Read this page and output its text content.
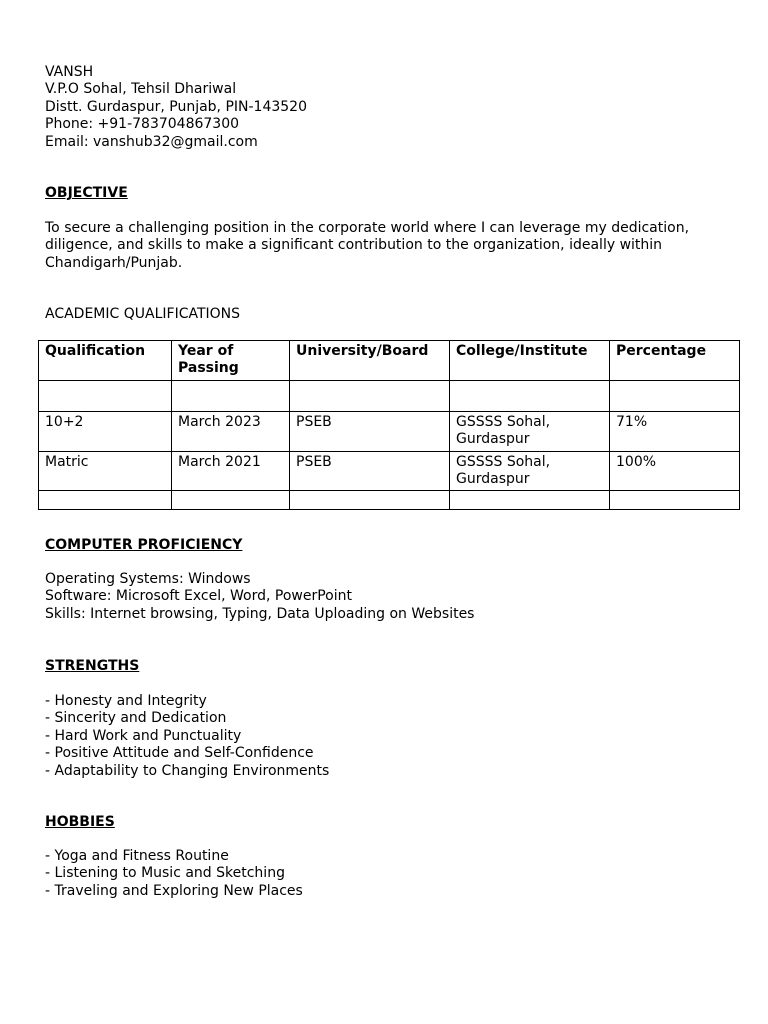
VANSH
V.P.O Sohal, Tehsil Dhariwal
Distt. Gurdaspur, Punjab, PIN-143520
Phone: +91-783704867300
Email: vanshub32@gmail.com
OBJECTIVE
To secure a challenging position in the corporate world where I can leverage my dedication, diligence, and skills to make a significant contribution to the organization, ideally within Chandigarh/Punjab.
ACADEMIC QUALIFICATIONS
Qualification	Year of Passing	University/Board	College/Institute	Percentage

10+2	March 2023	PSEB	GSSSS Sohal, Gurdaspur	71%
Matric	March 2021	PSEB	GSSSS Sohal, Gurdaspur	100%

COMPUTER PROFICIENCY
Operating Systems: Windows
Software: Microsoft Excel, Word, PowerPoint
Skills: Internet browsing, Typing, Data Uploading on Websites
STRENGTHS
- Honesty and Integrity
- Sincerity and Dedication
- Hard Work and Punctuality
- Positive Attitude and Self-Confidence
- Adaptability to Changing Environments
HOBBIES
- Yoga and Fitness Routine
- Listening to Music and Sketching
- Traveling and Exploring New Places
